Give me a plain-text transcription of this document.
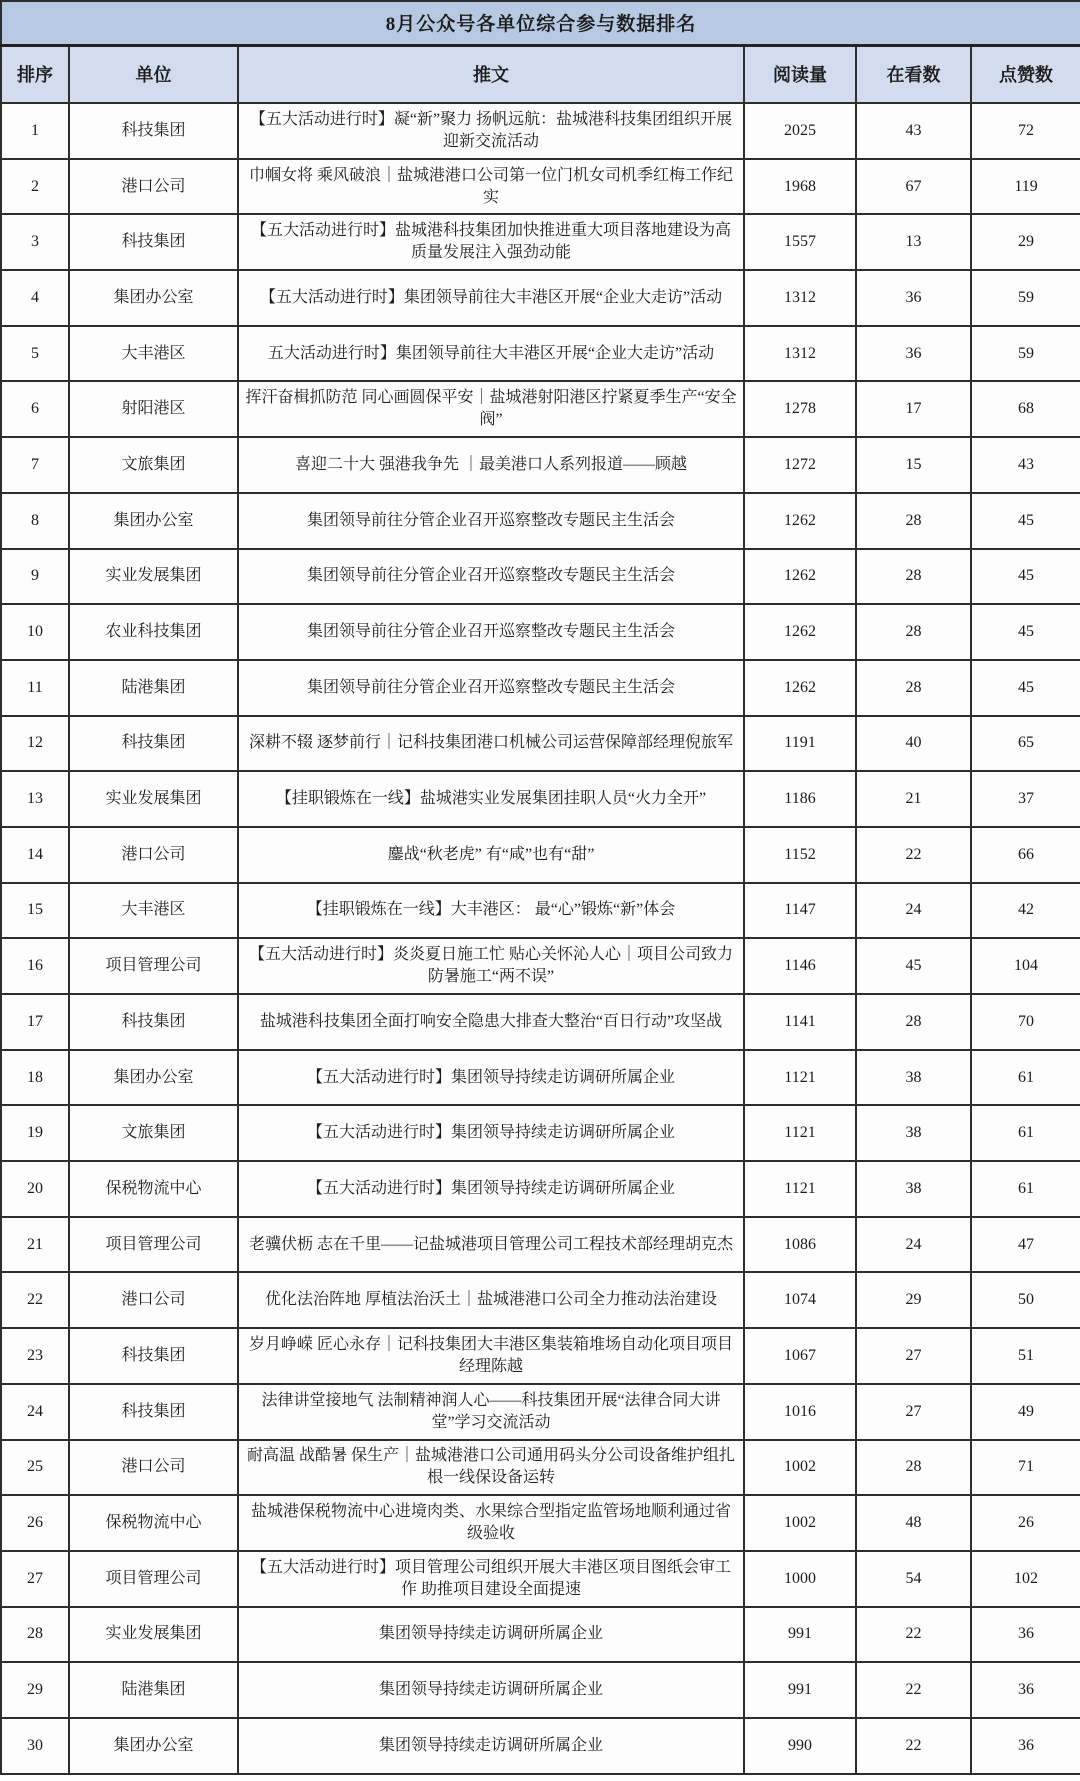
8月公众号各单位综合参与数据排名					
排序	单位	推文	阅读量	在看数	点赞数
1	科技集团	【五大活动进行时】凝“新”聚力 扬帆远航：盐城港科技集团组织开展迎新交流活动	2025	43	72
2	港口公司	巾帼女将 乘风破浪｜盐城港港口公司第一位门机女司机季红梅工作纪实	1968	67	119
3	科技集团	【五大活动进行时】盐城港科技集团加快推进重大项目落地建设为高质量发展注入强劲动能	1557	13	29
4	集团办公室	【五大活动进行时】集团领导前往大丰港区开展“企业大走访”活动	1312	36	59
5	大丰港区	五大活动进行时】集团领导前往大丰港区开展“企业大走访”活动	1312	36	59
6	射阳港区	挥汗奋楫抓防范 同心画圆保平安｜盐城港射阳港区拧紧夏季生产“安全阀”	1278	17	68
7	文旅集团	喜迎二十大 强港我争先 ｜最美港口人系列报道——顾越	1272	15	43
8	集团办公室	集团领导前往分管企业召开巡察整改专题民主生活会	1262	28	45
9	实业发展集团	集团领导前往分管企业召开巡察整改专题民主生活会	1262	28	45
10	农业科技集团	集团领导前往分管企业召开巡察整改专题民主生活会	1262	28	45
11	陆港集团	集团领导前往分管企业召开巡察整改专题民主生活会	1262	28	45
12	科技集团	深耕不辍 逐梦前行｜记科技集团港口机械公司运营保障部经理倪旅军	1191	40	65
13	实业发展集团	【挂职锻炼在一线】盐城港实业发展集团挂职人员“火力全开”	1186	21	37
14	港口公司	鏖战“秋老虎” 有“咸”也有“甜”	1152	22	66
15	大丰港区	【挂职锻炼在一线】大丰港区： 最“心”锻炼“新”体会	1147	24	42
16	项目管理公司	【五大活动进行时】炎炎夏日施工忙 贴心关怀沁人心｜项目公司致力防暑施工“两不误”	1146	45	104
17	科技集团	盐城港科技集团全面打响安全隐患大排查大整治“百日行动”攻坚战	1141	28	70
18	集团办公室	【五大活动进行时】集团领导持续走访调研所属企业	1121	38	61
19	文旅集团	【五大活动进行时】集团领导持续走访调研所属企业	1121	38	61
20	保税物流中心	【五大活动进行时】集团领导持续走访调研所属企业	1121	38	61
21	项目管理公司	老骥伏枥 志在千里——记盐城港项目管理公司工程技术部经理胡克杰	1086	24	47
22	港口公司	优化法治阵地 厚植法治沃土｜盐城港港口公司全力推动法治建设	1074	29	50
23	科技集团	岁月峥嵘 匠心永存｜记科技集团大丰港区集装箱堆场自动化项目项目经理陈越	1067	27	51
24	科技集团	法律讲堂接地气 法制精神润人心——科技集团开展“法律合同大讲堂”学习交流活动	1016	27	49
25	港口公司	耐高温 战酷暑 保生产｜盐城港港口公司通用码头分公司设备维护组扎根一线保设备运转	1002	28	71
26	保税物流中心	盐城港保税物流中心进境肉类、水果综合型指定监管场地顺利通过省级验收	1002	48	26
27	项目管理公司	【五大活动进行时】项目管理公司组织开展大丰港区项目图纸会审工作 助推项目建设全面提速	1000	54	102
28	实业发展集团	集团领导持续走访调研所属企业	991	22	36
29	陆港集团	集团领导持续走访调研所属企业	991	22	36
30	集团办公室	集团领导持续走访调研所属企业	990	22	36
